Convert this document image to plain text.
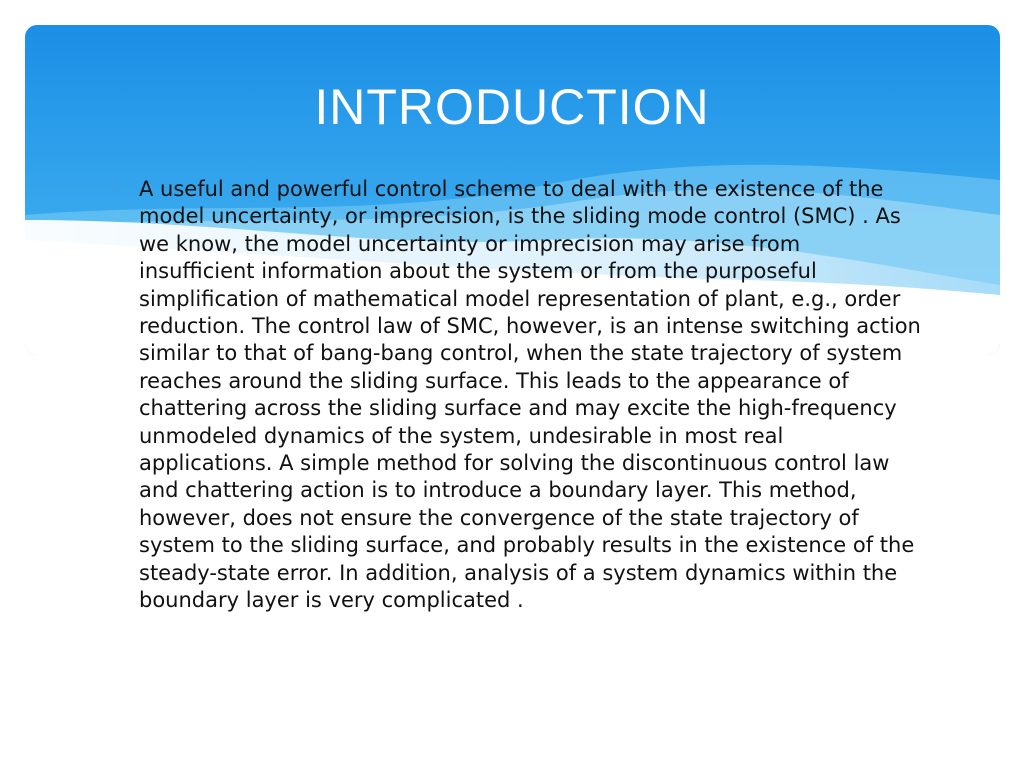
INTRODUCTION
✱ A useful and powerful control scheme to deal with the existence of the model uncertainty, or imprecision, is the sliding mode control (SMC) . As we know, the model uncertainty or imprecision may arise from insufficient information about the system or from the purposeful simplification of mathematical model representation of plant, e.g., order reduction. The control law of SMC, however, is an intense switching action similar to that of bang-bang control, when the state trajectory of system reaches around the sliding surface. This leads to the appearance of chattering across the sliding surface and may excite the high-frequency unmodeled dynamics of the system, undesirable in most real applications. A simple method for solving the discontinuous control law and chattering action is to introduce a boundary layer. This method, however, does not ensure the convergence of the state trajectory of system to the sliding surface, and probably results in the existence of the steady-state error. In addition, analysis of a system dynamics within the boundary layer is very complicated .
